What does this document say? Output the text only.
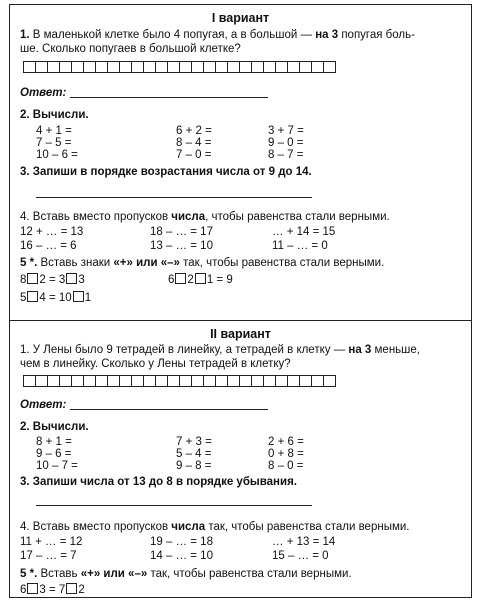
I вариант
1. В маленькой клетке было 4 попугая, а в большой — на 3 попугая боль-
ше. Сколько попугаев в большой клетке?
Ответ:
2. Вычисли.
4 + 1 =	6 + 2 =	3 + 7 =
7 – 5 =	8 – 4 =	9 – 0 =
10 – 6 =	7 – 0 =	8 – 7 =
3. Запиши в порядке возрастания числа от 9 до 14.
4. Вставь вместо пропусков числа, чтобы равенства стали верными.
12 + … = 13	18 – … = 17	… + 14 = 15
16 – … = 6	13 – … = 10	11 – … = 0
5 *. Вставь знаки «+» или «–» так, чтобы равенства стали верными.
8 2 = 3 3	6 2 1 = 9
5 4 = 10 1
II вариант
1. У Лены было 9 тетрадей в линейку, а тетрадей в клетку — на 3 меньше,
чем в линейку. Сколько у Лены тетрадей в клетку?
Ответ:
2. Вычисли.
8 + 1 =	7 + 3 =	2 + 6 =
9 – 6 =	5 – 4 =	0 + 8 =
10 – 7 =	9 – 8 =	8 – 0 =
3. Запиши числа от 13 до 8 в порядке убывания.
4. Вставь вместо пропусков числа так, чтобы равенства стали верными.
11 + … = 12	19 – … = 18	… + 13 = 14
17 – … = 7	14 – … = 10	15 – … = 0
5 *. Вставь «+» или «–» так, чтобы равенства стали верными.
6 3 = 7 2
